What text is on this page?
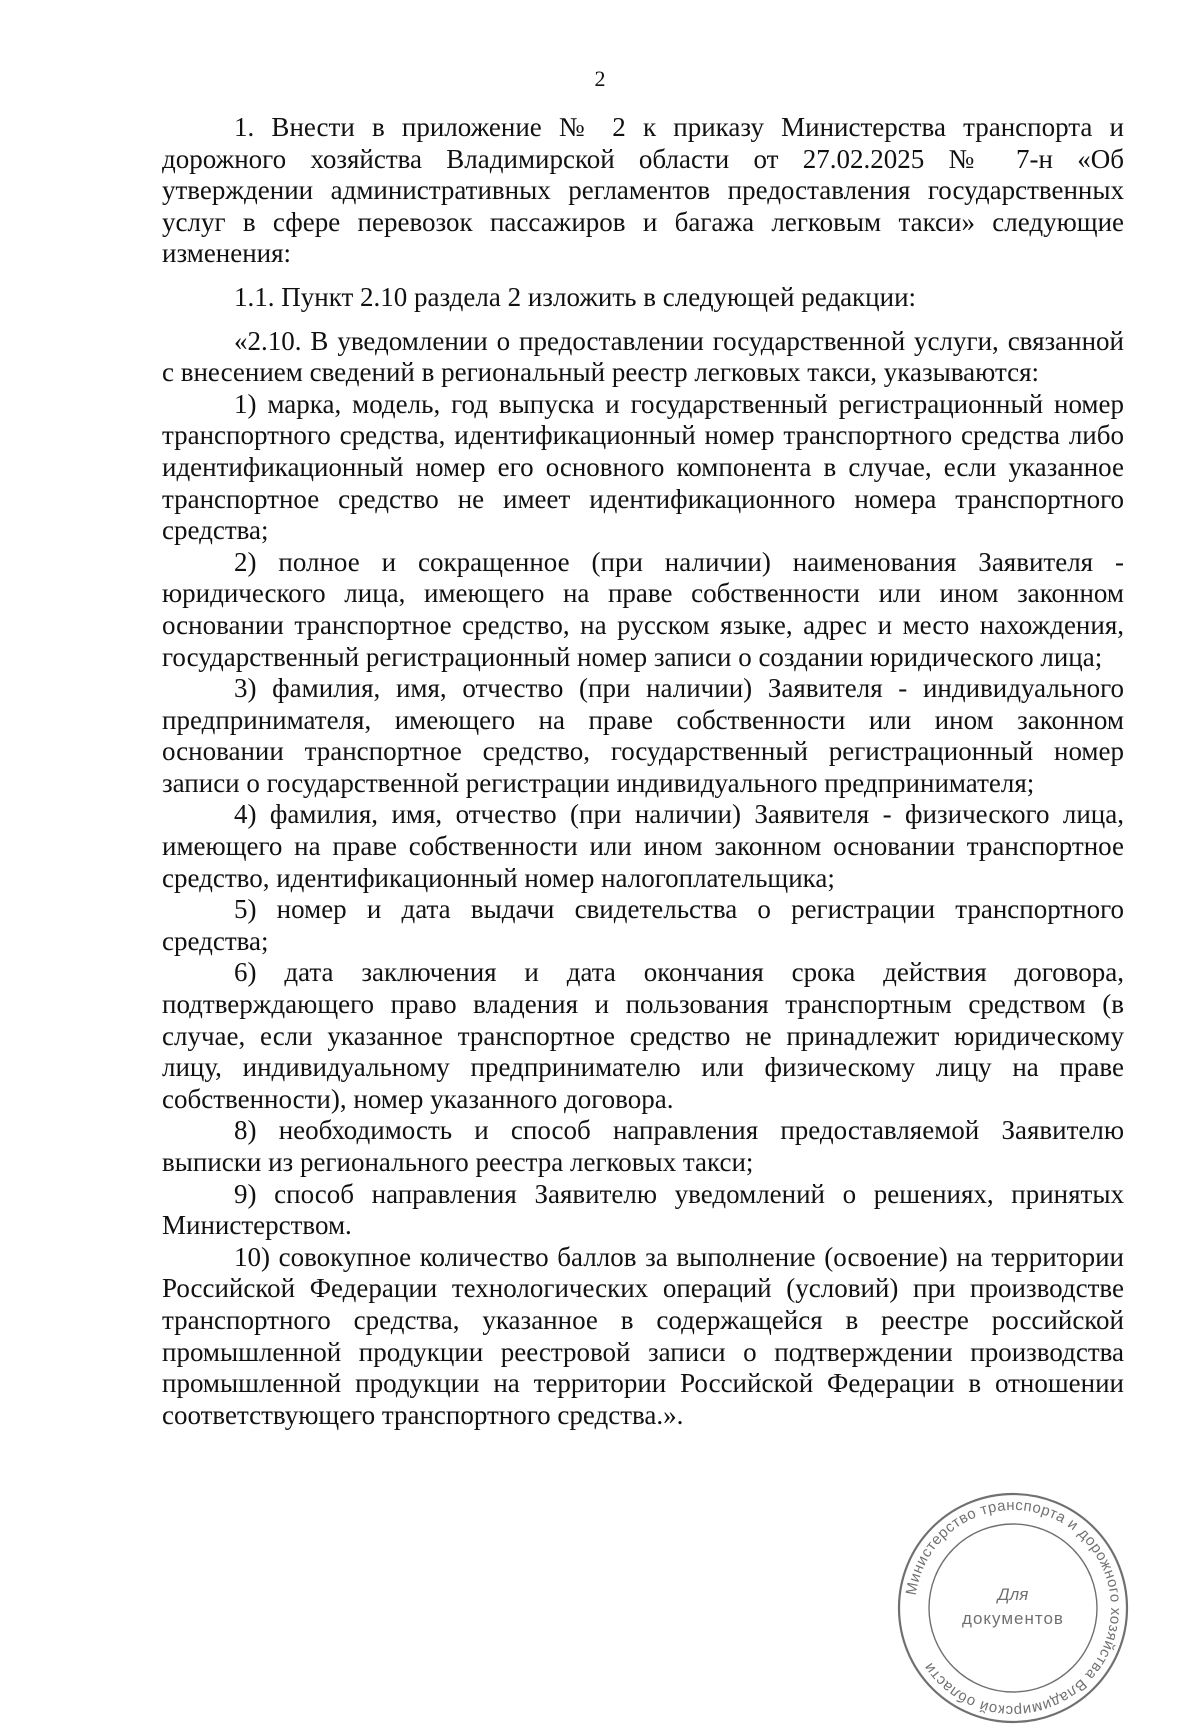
2

1. Внести в приложение № 2 к приказу Министерства транспорта и дорожного хозяйства Владимирской области от 27.02.2025 № 7-н «Об утверждении административных регламентов предоставления государственных услуг в сфере перевозок пассажиров и багажа легковым такси» следующие изменения:

1.1. Пункт 2.10 раздела 2 изложить в следующей редакции:

«2.10. В уведомлении о предоставлении государственной услуги, связанной с внесением сведений в региональный реестр легковых такси, указываются:

1) марка, модель, год выпуска и государственный регистрационный номер транспортного средства, идентификационный номер транспортного средства либо идентификационный номер его основного компонента в случае, если указанное транспортное средство не имеет идентификационного номера транспортного средства;

2) полное и сокращенное (при наличии) наименования Заявителя - юридического лица, имеющего на праве собственности или ином законном основании транспортное средство, на русском языке, адрес и место нахождения, государственный регистрационный номер записи о создании юридического лица;

3) фамилия, имя, отчество (при наличии) Заявителя - индивидуального предпринимателя, имеющего на праве собственности или ином законном основании транспортное средство, государственный регистрационный номер записи о государственной регистрации индивидуального предпринимателя;

4) фамилия, имя, отчество (при наличии) Заявителя - физического лица, имеющего на праве собственности или ином законном основании транспортное средство, идентификационный номер налогоплательщика;

5) номер и дата выдачи свидетельства о регистрации транспортного средства;

6) дата заключения и дата окончания срока действия договора, подтверждающего право владения и пользования транспортным средством (в случае, если указанное транспортное средство не принадлежит юридическому лицу, индивидуальному предпринимателю или физическому лицу на праве собственности), номер указанного договора.

8) необходимость и способ направления предоставляемой Заявителю выписки из регионального реестра легковых такси;

9) способ направления Заявителю уведомлений о решениях, принятых Министерством.

10) совокупное количество баллов за выполнение (освоение) на территории Российской Федерации технологических операций (условий) при производстве транспортного средства, указанное в содержащейся в реестре российской промышленной продукции реестровой записи о подтверждении производства промышленной продукции на территории Российской Федерации в отношении соответствующего транспортного средства.».

Министерство транспорта и дорожного хозяйства Владимирской области
Для
документов
